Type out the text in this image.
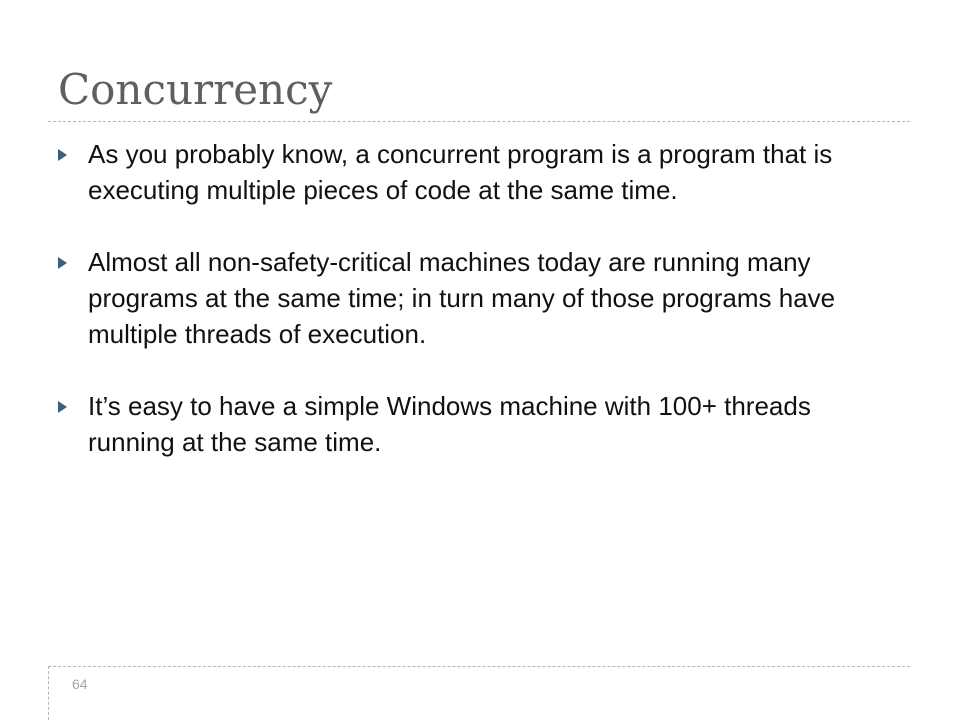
Concurrency
As you probably know, a concurrent program is a program that is executing multiple pieces of code at the same time.
Almost all non-safety-critical machines today are running many programs at the same time; in turn many of those programs have multiple threads of execution.
It’s easy to have a simple Windows machine with 100+ threads running at the same time.
64
